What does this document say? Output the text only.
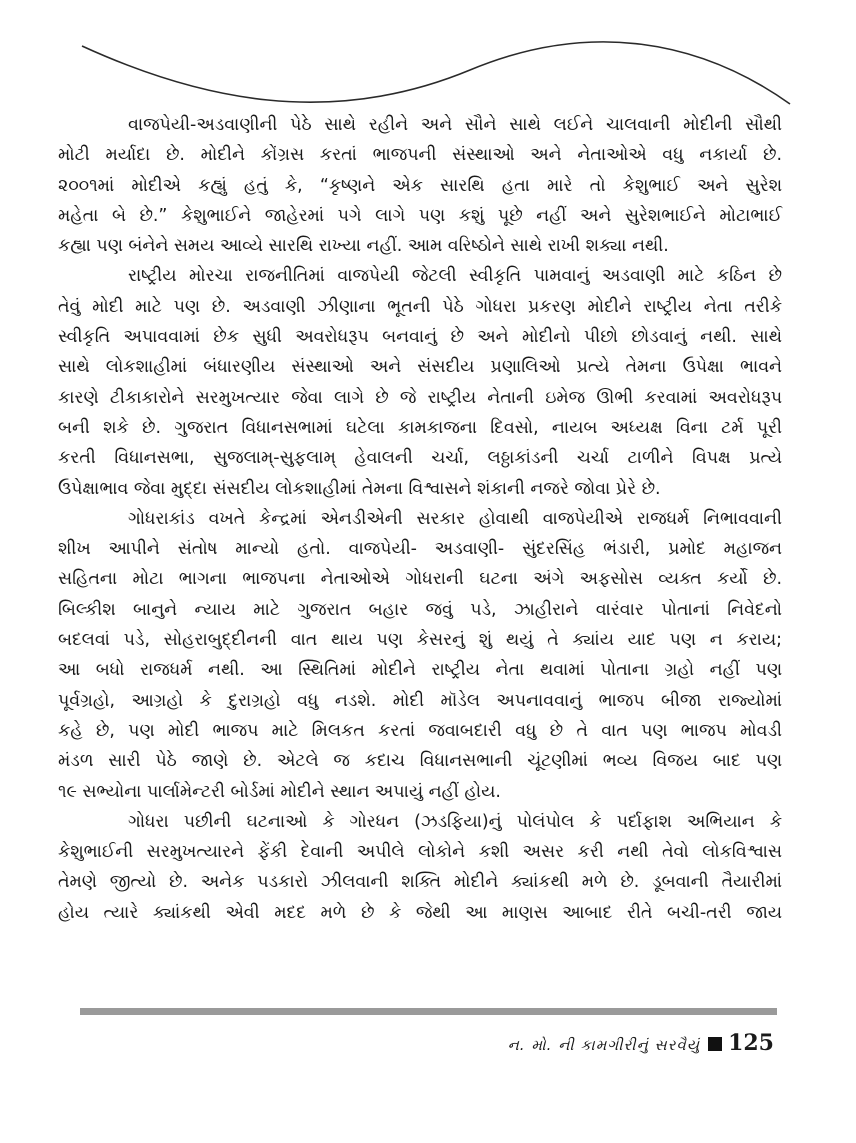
વાજપેયી-અડવાણીની પેઠે સાથે રહીને અને સૌને સાથે લઈને ચાલવાની મોદીની સૌથી
મોટી મર્યાદા છે. મોદીને કોંગ્રસ કરતાં ભાજપની સંસ્થાઓ અને નેતાઓએ વધુ નકાર્યા છે.
૨૦૦૧માં મોદીએ કહ્યું હતું કે, “કૃષ્ણને એક સારથિ હતા મારે તો કેશુભાઈ અને સુરેશ
મહેતા બે છે.” કેશુભાઈને જાહેરમાં પગે લાગે પણ કશું પૂછે નહીં અને સુરેશભાઈને મોટાભાઈ
કહ્યા પણ બંનેને સમય આવ્યે સારથિ રાખ્યા નહીં. આમ વરિષ્ઠોને સાથે રાખી શક્યા નથી.

રાષ્ટ્રીય મોરચા રાજનીતિમાં વાજપેયી જેટલી સ્વીકૃતિ પામવાનું અડવાણી માટે કઠિન છે
તેવું મોદી માટે પણ છે. અડવાણી ઝીણાના ભૂતની પેઠે ગોધરા પ્રકરણ મોદીને રાષ્ટ્રીય નેતા તરીકે
સ્વીકૃતિ અપાવવામાં છેક સુધી અવરોધરૂપ બનવાનું છે અને મોદીનો પીછો છોડવાનું નથી. સાથે
સાથે લોકશાહીમાં બંધારણીય સંસ્થાઓ અને સંસદીય પ્રણાલિઓ પ્રત્યે તેમના ઉપેક્ષા ભાવને
કારણે ટીકાકારોને સરમુખત્યાર જેવા લાગે છે જે રાષ્ટ્રીય નેતાની ઇમેજ ઊભી કરવામાં અવરોધરૂપ
બની શકે છે. ગુજરાત વિધાનસભામાં ઘટેલા કામકાજના દિવસો, નાયબ અધ્યક્ષ વિના ટર્મ પૂરી
કરતી વિધાનસભા, સુજલામ્-સુફલામ્ હેવાલની ચર્ચા, લઠ્ઠાકાંડની ચર્ચા ટાળીને વિપક્ષ પ્રત્યે
ઉપેક્ષાભાવ જેવા મુદ્દા સંસદીય લોકશાહીમાં તેમના વિશ્વાસને શંકાની નજરે જોવા પ્રેરે છે.

ગોધરાકાંડ વખતે કેન્દ્રમાં એનડીએની સરકાર હોવાથી વાજપેયીએ રાજધર્મ નિભાવવાની
શીખ આપીને સંતોષ માન્યો હતો. વાજપેયી- અડવાણી- સુંદરસિંહ ભંડારી, પ્રમોદ મહાજન
સહિતના મોટા ભાગના ભાજપના નેતાઓએ ગોધરાની ઘટના અંગે અફસોસ વ્યક્ત કર્યો છે.
બિલ્કીશ બાનુને ન્યાય માટે ગુજરાત બહાર જવું પડે, ઝાહીરાને વારંવાર પોતાનાં નિવેદનો
બદલવાં પડે, સોહરાબુદ્દીનની વાત થાય પણ કેસરનું શું થયું તે ક્યાંય યાદ પણ ન કરાય;
આ બધો રાજધર્મ નથી. આ સ્થિતિમાં મોદીને રાષ્ટ્રીય નેતા થવામાં પોતાના ગ્રહો નહીં પણ
પૂર્વગ્રહો, આગ્રહો કે દુરાગ્રહો વધુ નડશે. મોદી મૉડેલ અપનાવવાનું ભાજપ બીજા રાજ્યોમાં
કહે છે, પણ મોદી ભાજપ માટે મિલકત કરતાં જવાબદારી વધુ છે તે વાત પણ ભાજપ મોવડી
મંડળ સારી પેઠે જાણે છે. એટલે જ કદાચ વિધાનસભાની ચૂંટણીમાં ભવ્ય વિજય બાદ પણ
૧૯ સભ્યોના પાર્લામેન્ટરી બોર્ડમાં મોદીને સ્થાન અપાયું નહીં હોય.

ગોધરા પછીની ઘટનાઓ કે ગોરધન (ઝડફિયા)નું પોલંપોલ કે પર્દાફાશ અભિયાન કે
કેશુભાઈની સરમુખત્યારને ફેંકી દેવાની અપીલે લોકોને કશી અસર કરી નથી તેવો લોકવિશ્વાસ
તેમણે જીત્યો છે. અનેક પડકારો ઝીલવાની શક્તિ મોદીને ક્યાંકથી મળે છે. ડૂબવાની તૈયારીમાં
હોય ત્યારે ક્યાંકથી એવી મદદ મળે છે કે જેથી આ માણસ આબાદ રીતે બચી-તરી જાય

ન. મો. ની કામગીરીનું સરવૈયું 125
